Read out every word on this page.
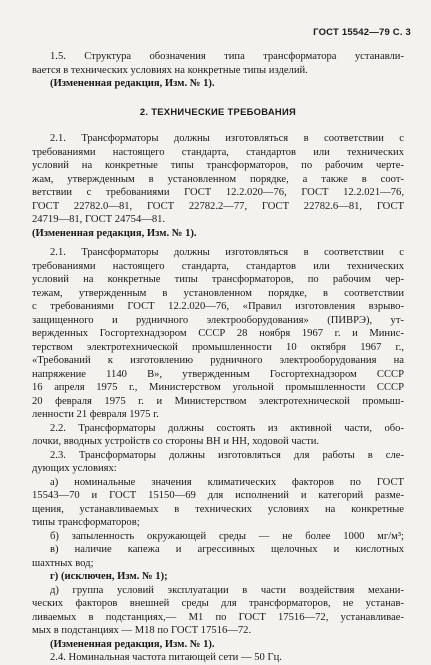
ГОСТ 15542—79 С. 3
1.5. Структура обозначения типа трансформатора устанавли-
вается в технических условиях на конкретные типы изделий.
(Измененная редакция, Изм. № 1).
2. ТЕХНИЧЕСКИЕ ТРЕБОВАНИЯ
2.1. Трансформаторы должны изготовляться в соответствии с
требованиями настоящего стандарта, стандартов или технических
условий на конкретные типы трансформаторов, по рабочим черте-
жам, утвержденным в установленном порядке, а также в соот-
ветствии с требованиями ГОСТ 12.2.020—76, ГОСТ 12.2.021—76,
ГОСТ 22782.0—81, ГОСТ 22782.2—77, ГОСТ 22782.6—81, ГОСТ
24719—81, ГОСТ 24754—81.
(Измененная редакция, Изм. № 1).
2.1. Трансформаторы должны изготовляться в соответствии с
требованиями настоящего стандарта, стандартов или технических
условий на конкретные типы трансформаторов, по рабочим чер-
тежам, утвержденным в установленном порядке, в соответствии
с требованиями ГОСТ 12.2.020—76, «Правил изготовления взрыво-
защищенного и рудничного электрооборудования» (ПИВРЭ), ут-
вержденных Госгортехнадзором СССР 28 ноября 1967 г. и Минис-
терством электротехнической промышленности 10 октября 1967 г.,
«Требований к изготовлению рудничного электрооборудования на
напряжение 1140 В», утвержденным Госгортехнадзором СССР
16 апреля 1975 г., Министерством угольной промышленности СССР
20 февраля 1975 г. и Министерством электротехнической промыш-
ленности 21 февраля 1975 г.
2.2. Трансформаторы должны состоять из активной части, обо-
лочки, вводных устройств со стороны ВН и НН, ходовой части.
2.3. Трансформаторы должны изготовляться для работы в сле-
дующих условиях:
а) номинальные значения климатических факторов по ГОСТ
15543—70 и ГОСТ 15150—69 для исполнений и категорий разме-
щения, устанавливаемых в технических условиях на конкретные
типы трансформаторов;
б) запыленность окружающей среды — не более 1000 мг/м³;
в) наличие капежа и агрессивных щелочных и кислотных
шахтных вод;
г) (исключен, Изм. № 1);
д) группа условий эксплуатации в части воздействия механи-
ческих факторов внешней среды для трансформаторов, не устанав-
ливаемых в подстанциях,— М1 по ГОСТ 17516—72, устанавливае-
мых в подстанциях — М18 по ГОСТ 17516—72.
(Измененная редакция, Изм. № 1).
2.4. Номинальная частота питающей сети — 50 Гц.
